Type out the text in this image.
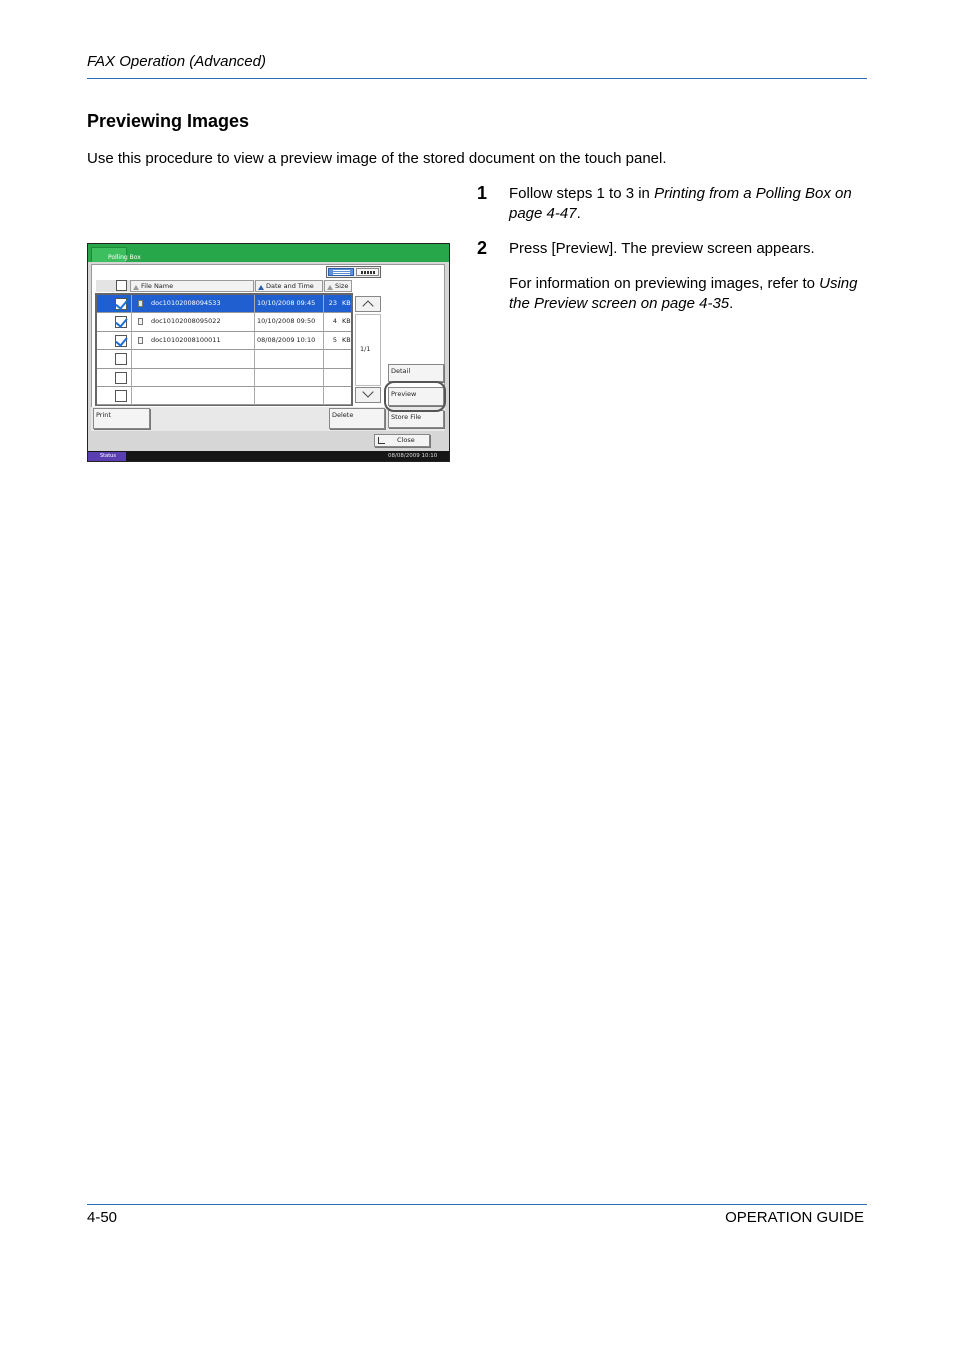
FAX Operation (Advanced)
Previewing Images
Use this procedure to view a preview image of the stored document on the touch panel.
1 Follow steps 1 to 3 in Printing from a Polling Box on page 4-47.
2 Press [Preview]. The preview screen appears.
For information on previewing images, refer to Using the Preview screen on page 4-35.
Polling Box
File Name	Date and Time	Size
doc10102008094533	10/10/2008 09:45	23 KB
doc10102008095022	10/10/2008 09:50	4 KB
doc10102008100011	08/08/2009 10:10	5 KB
1/1
Print	Delete	Store File
Detail
Preview
Close
Status	08/08/2009 10:10
4-50	OPERATION GUIDE
